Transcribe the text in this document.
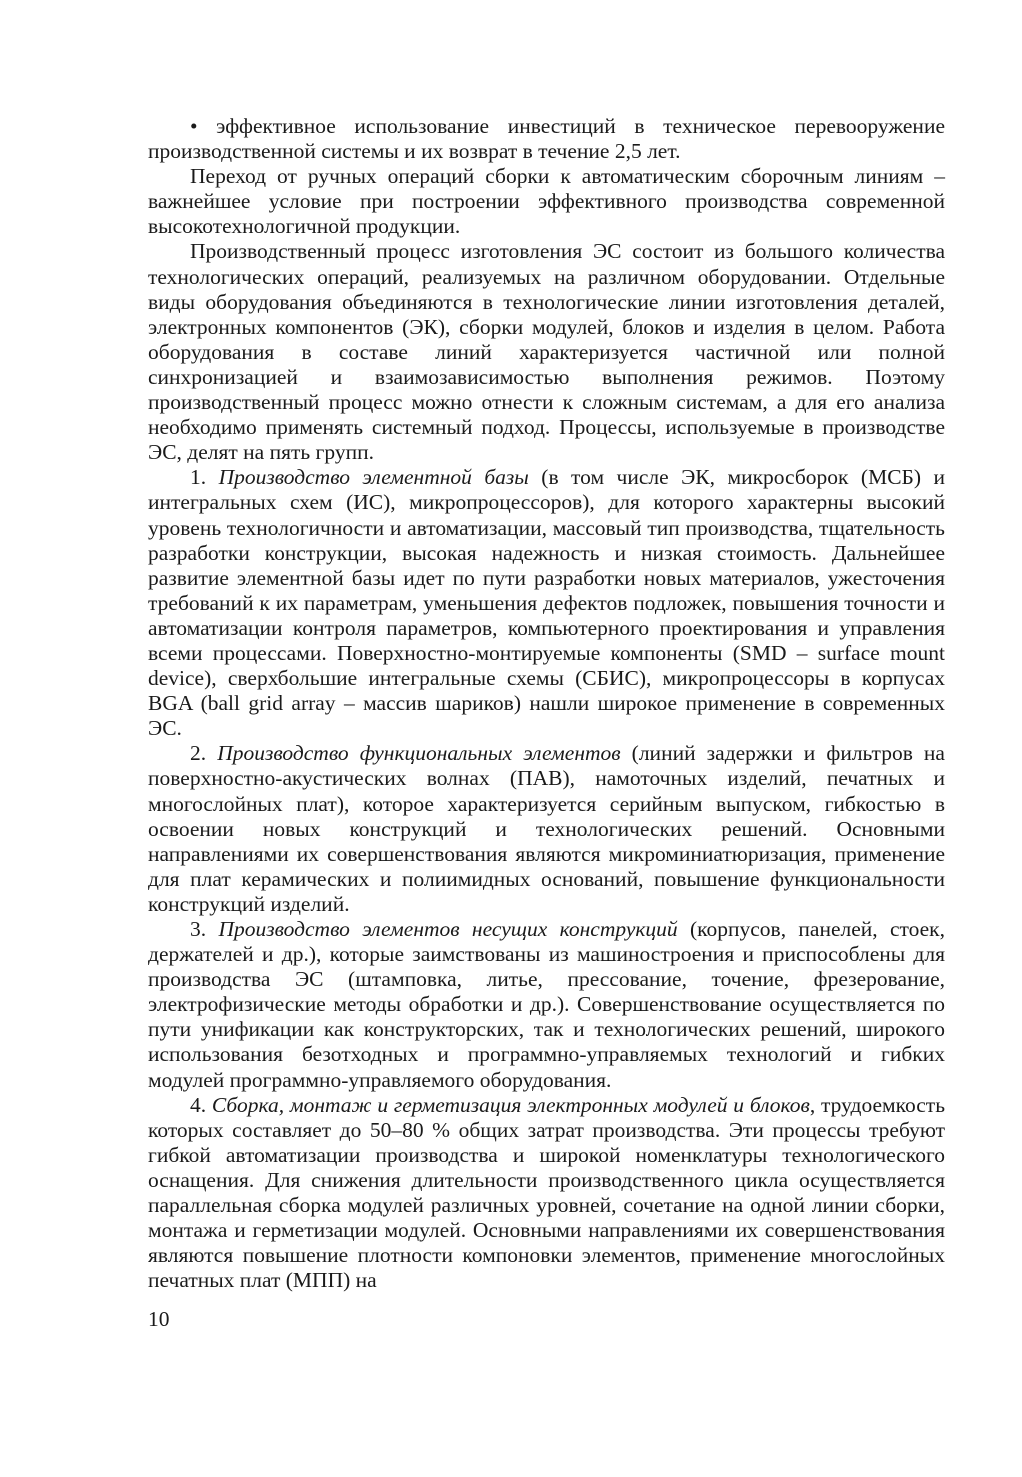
• эффективное использование инвестиций в техническое перевооружение производственной системы и их возврат в течение 2,5 лет.

Переход от ручных операций сборки к автоматическим сборочным линиям – важнейшее условие при построении эффективного производства современной высокотехнологичной продукции.

Производственный процесс изготовления ЭС состоит из большого количества технологических операций, реализуемых на различном оборудовании. Отдельные виды оборудования объединяются в технологические линии изготовления деталей, электронных компонентов (ЭК), сборки модулей, блоков и изделия в целом. Работа оборудования в составе линий характеризуется частичной или полной синхронизацией и взаимозависимостью выполнения режимов. Поэтому производственный процесс можно отнести к сложным системам, а для его анализа необходимо применять системный подход. Процессы, используемые в производстве ЭС, делят на пять групп.

1. Производство элементной базы (в том числе ЭК, микросборок (МСБ) и интегральных схем (ИС), микропроцессоров), для которого характерны высокий уровень технологичности и автоматизации, массовый тип производства, тщательность разработки конструкции, высокая надежность и низкая стоимость. Дальнейшее развитие элементной базы идет по пути разработки новых материалов, ужесточения требований к их параметрам, уменьшения дефектов подложек, повышения точности и автоматизации контроля параметров, компьютерного проектирования и управления всеми процессами. Поверхностно-монтируемые компоненты (SMD – surface mount device), сверхбольшие интегральные схемы (СБИС), микропроцессоры в корпусах BGA (ball grid array – массив шариков) нашли широкое применение в современных ЭС.

2. Производство функциональных элементов (линий задержки и фильтров на поверхностно-акустических волнах (ПАВ), намоточных изделий, печатных и многослойных плат), которое характеризуется серийным выпуском, гибкостью в освоении новых конструкций и технологических решений. Основными направлениями их совершенствования являются микроминиатюризация, применение для плат керамических и полиимидных оснований, повышение функциональности конструкций изделий.

3. Производство элементов несущих конструкций (корпусов, панелей, стоек, держателей и др.), которые заимствованы из машиностроения и приспособлены для производства ЭС (штамповка, литье, прессование, точение, фрезерование, электрофизические методы обработки и др.). Совершенствование осуществляется по пути унификации как конструкторских, так и технологических решений, широкого использования безотходных и программно-управляемых технологий и гибких модулей программно-управляемого оборудования.

4. Сборка, монтаж и герметизация электронных модулей и блоков, трудоемкость которых составляет до 50–80 % общих затрат производства. Эти процессы требуют гибкой автоматизации производства и широкой номенклатуры технологического оснащения. Для снижения длительности производственного цикла осуществляется параллельная сборка модулей различных уровней, сочетание на одной линии сборки, монтажа и герметизации модулей. Основными направлениями их совершенствования являются повышение плотности компоновки элементов, применение многослойных печатных плат (МПП) на

10
